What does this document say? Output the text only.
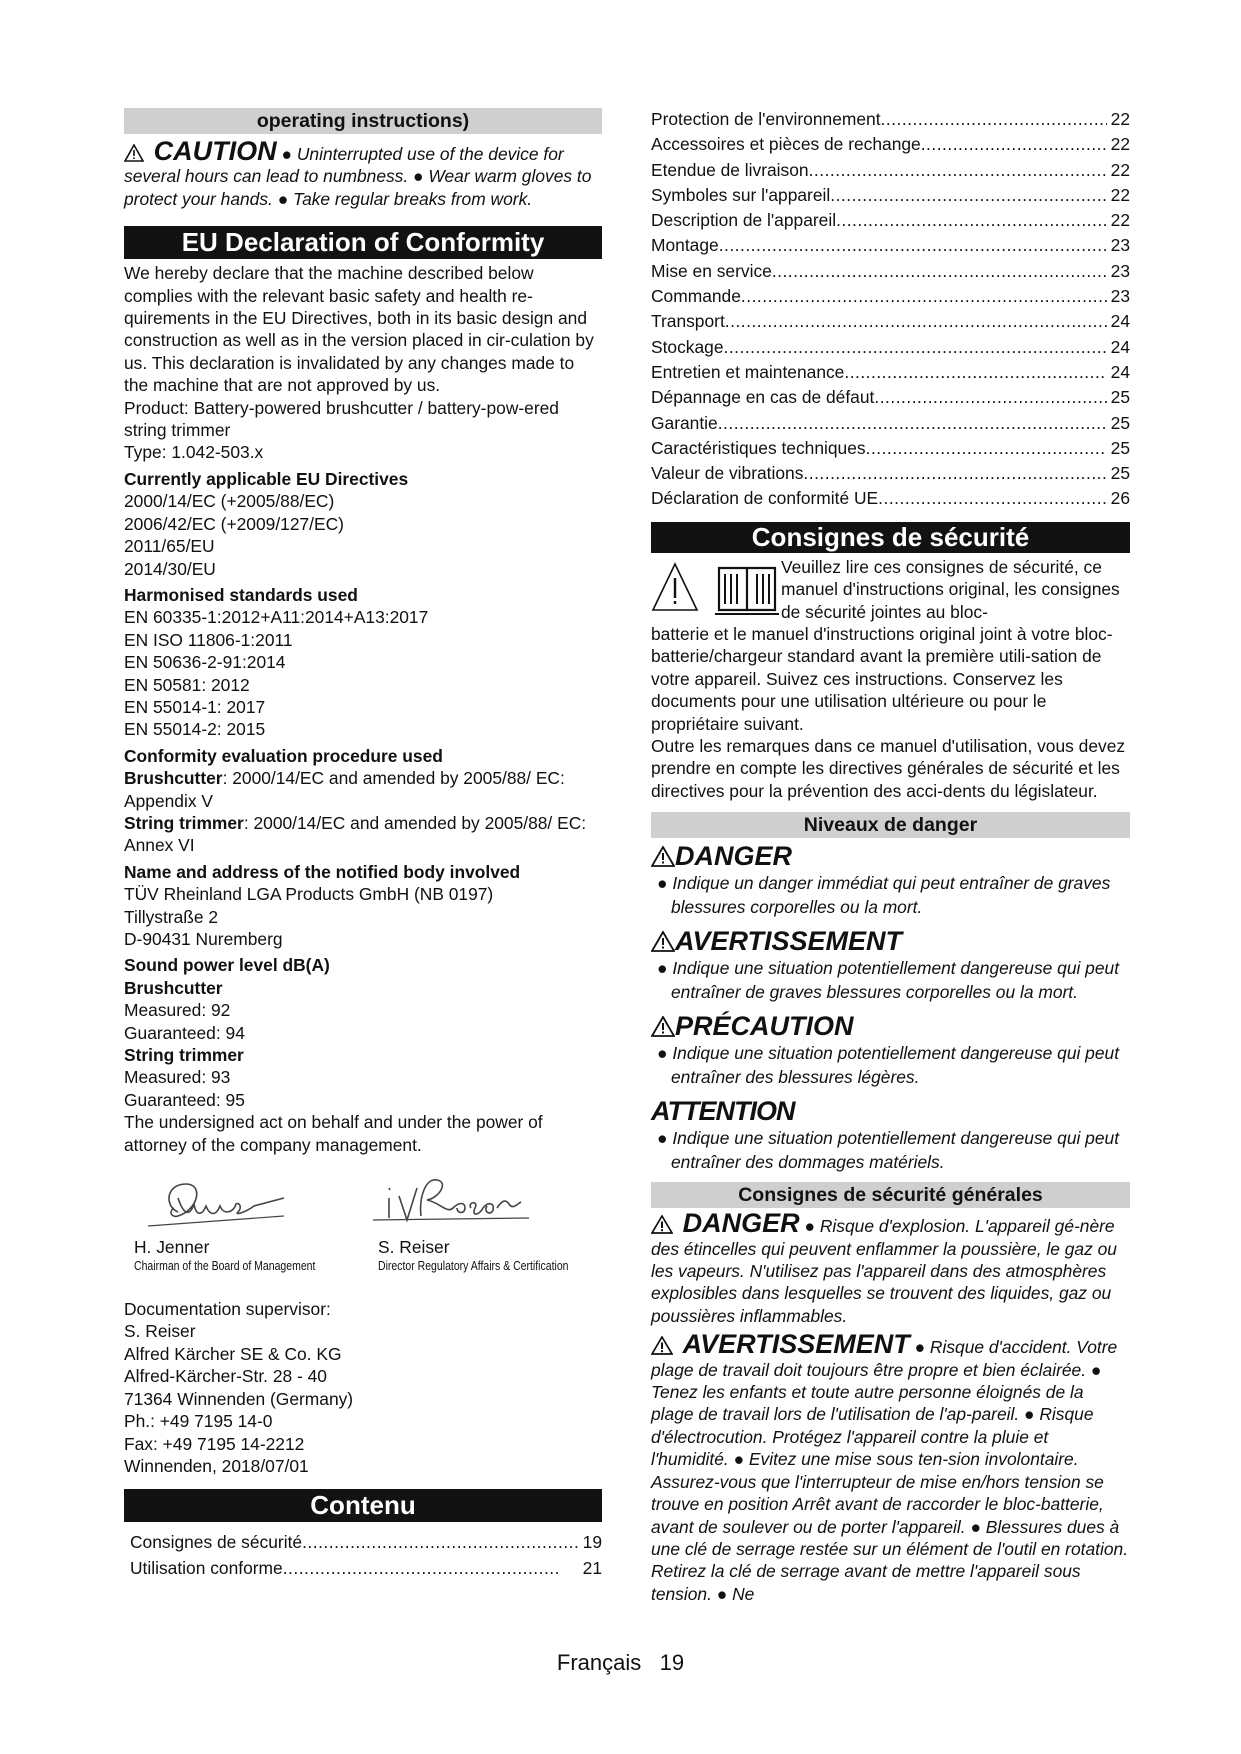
operating instructions)

CAUTION ● Uninterrupted use of the device for several hours can lead to numbness. ● Wear warm gloves to protect your hands. ● Take regular breaks from work.

EU Declaration of Conformity

We hereby declare that the machine described below complies with the relevant basic safety and health re-quirements in the EU Directives, both in its basic design and construction as well as in the version placed in cir-culation by us. This declaration is invalidated by any changes made to the machine that are not approved by us.

Product: Battery-powered brushcutter / battery-pow-ered string trimmer

Type: 1.042-503.x

Currently applicable EU Directives

2000/14/EC (+2005/88/EC)

2006/42/EC (+2009/127/EC)

2011/65/EU

2014/30/EU

Harmonised standards used

EN 60335-1:2012+A11:2014+A13:2017

EN ISO 11806-1:2011

EN 50636-2-91:2014

EN 50581: 2012

EN 55014-1: 2017

EN 55014-2: 2015

Conformity evaluation procedure used

Brushcutter: 2000/14/EC and amended by 2005/88/ EC: Appendix V

String trimmer: 2000/14/EC and amended by 2005/88/ EC: Annex VI

Name and address of the notified body involved

TÜV Rheinland LGA Products GmbH (NB 0197)

Tillystraße 2

D-90431 Nuremberg

Sound power level dB(A)

Brushcutter

Measured: 92

Guaranteed: 94

String trimmer

Measured: 93

Guaranteed: 95

The undersigned act on behalf and under the power of attorney of the company management.

H. Jenner
Chairman of the Board of Management
S. Reiser
Director Regulatory Affairs & Certification

Documentation supervisor:

S. Reiser

Alfred Kärcher SE & Co. KG

Alfred-Kärcher-Str. 28 - 40

71364 Winnenden (Germany)

Ph.: +49 7195 14-0

Fax: +49 7195 14-2212

Winnenden, 2018/07/01

Contenu
Consignes de sécurité .....	19
Utilisation conforme .....	21
Protection de l'environnement .....	22
Accessoires et pièces de rechange .....	22
Etendue de livraison .....	22
Symboles sur l'appareil .....	22
Description de l'appareil .....	22
Montage .....	23
Mise en service .....	23
Commande .....	23
Transport .....	24
Stockage .....	24
Entretien et maintenance .....	24
Dépannage en cas de défaut .....	25
Garantie .....	25
Caractéristiques techniques .....	25
Valeur de vibrations .....	25
Déclaration de conformité UE .....	26
Consignes de sécurité

Veuillez lire ces consignes de sécurité, ce manuel d'instructions original, les consignes de sécurité jointes au bloc-

batterie et le manuel d'instructions original joint à votre bloc-batterie/chargeur standard avant la première utili-sation de votre appareil. Suivez ces instructions. Conservez les documents pour une utilisation ultérieure ou pour le propriétaire suivant.

Outre les remarques dans ce manuel d'utilisation, vous devez prendre en compte les directives générales de sécurité et les directives pour la prévention des acci-dents du législateur.

Niveaux de danger
DANGER

● Indique un danger immédiat qui peut entraîner de graves blessures corporelles ou la mort.

AVERTISSEMENT

● Indique une situation potentiellement dangereuse qui peut entraîner de graves blessures corporelles ou la mort.

PRÉCAUTION

● Indique une situation potentiellement dangereuse qui peut entraîner des blessures légères.

ATTENTION

● Indique une situation potentiellement dangereuse qui peut entraîner des dommages matériels.

Consignes de sécurité générales

DANGER ● Risque d'explosion. L'appareil gé-nère des étincelles qui peuvent enflammer la poussière, le gaz ou les vapeurs. N'utilisez pas l'appareil dans des atmosphères explosibles dans lesquelles se trouvent des liquides, gaz ou poussières inflammables.

AVERTISSEMENT ● Risque d'accident. Votre plage de travail doit toujours être propre et bien éclairée. ● Tenez les enfants et toute autre personne éloignés de la plage de travail lors de l'utilisation de l'ap-pareil. ● Risque d'électrocution. Protégez l'appareil contre la pluie et l'humidité. ● Evitez une mise sous ten-sion involontaire. Assurez-vous que l'interrupteur de mise en/hors tension se trouve en position Arrêt avant de raccorder le bloc-batterie, avant de soulever ou de porter l'appareil. ● Blessures dues à une clé de serrage restée sur un élément de l'outil en rotation. Retirez la clé de serrage avant de mettre l'appareil sous tension. ● Ne

Français 19
